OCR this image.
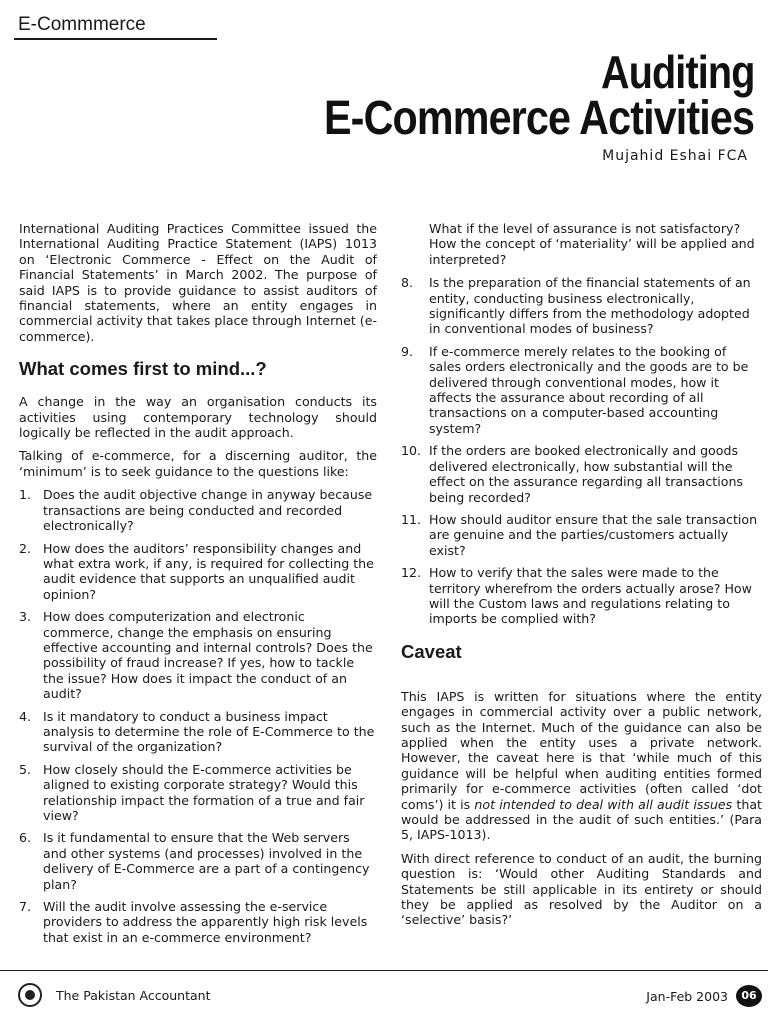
E-Commmerce
Auditing
E-Commerce Activities
Mujahid Eshai FCA

International Auditing Practices Committee issued the International Auditing Practice Statement (IAPS) 1013 on ‘Electronic Commerce - Effect on the Audit of Financial Statements’ in March 2002. The purpose of said IAPS is to provide guidance to assist auditors of financial statements, where an entity engages in commercial activity that takes place through Internet (e-commerce).

What comes first to mind...?

A change in the way an organisation conducts its activities using contemporary technology should logically be reflected in the audit approach.

Talking of e-commerce, for a discerning auditor, the ‘minimum’ is to seek guidance to the questions like:

1. Does the audit objective change in anyway because transactions are being conducted and recorded electronically?
2. How does the auditors’ responsibility changes and what extra work, if any, is required for collecting the audit evidence that supports an unqualified audit opinion?
3. How does computerization and electronic commerce, change the emphasis on ensuring effective accounting and internal controls? Does the possibility of fraud increase? If yes, how to tackle the issue? How does it impact the conduct of an audit?
4. Is it mandatory to conduct a business impact analysis to determine the role of E-Commerce to the survival of the organization?
5. How closely should the E-commerce activities be aligned to existing corporate strategy? Would this relationship impact the formation of a true and fair view?
6. Is it fundamental to ensure that the Web servers and other systems (and processes) involved in the delivery of E-Commerce are a part of a contingency plan?
7. Will the audit involve assessing the e-service providers to address the apparently high risk levels that exist in an e-commerce environment?

What if the level of assurance is not satisfactory? How the concept of ‘materiality’ will be applied and interpreted?

8. Is the preparation of the financial statements of an entity, conducting business electronically, significantly differs from the methodology adopted in conventional modes of business?
9. If e-commerce merely relates to the booking of sales orders electronically and the goods are to be delivered through conventional modes, how it affects the assurance about recording of all transactions on a computer-based accounting system?
10. If the orders are booked electronically and goods delivered electronically, how substantial will the effect on the assurance regarding all transactions being recorded?
11. How should auditor ensure that the sale transaction are genuine and the parties/customers actually exist?
12. How to verify that the sales were made to the territory wherefrom the orders actually arose? How will the Custom laws and regulations relating to imports be complied with?
Caveat

This IAPS is written for situations where the entity engages in commercial activity over a public network, such as the Internet. Much of the guidance can also be applied when the entity uses a private network. However, the caveat here is that ‘while much of this guidance will be helpful when auditing entities formed primarily for e-commerce activities (often called ‘dot coms’) it is not intended to deal with all audit issues that would be addressed in the audit of such entities.’ (Para 5, IAPS-1013).

With direct reference to conduct of an audit, the burning question is: ‘Would other Auditing Standards and Statements be still applicable in its entirety or should they be applied as resolved by the Auditor on a ‘selective’ basis?’

The Pakistan Accountant	Jan-Feb 2003	06
